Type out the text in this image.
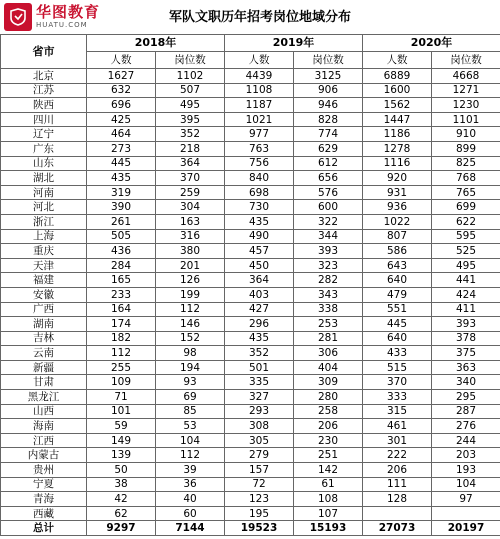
华图教育
HUATU.COM	军队文职历年招考岗位地域分布
省市	2018年		2019年		2020年	
	人数	岗位数	人数	岗位数	人数	岗位数
北京	1627	1102	4439	3125	6889	4668
江苏	632	507	1108	906	1600	1271
陕西	696	495	1187	946	1562	1230
四川	425	395	1021	828	1447	1101
辽宁	464	352	977	774	1186	910
广东	273	218	763	629	1278	899
山东	445	364	756	612	1116	825
湖北	435	370	840	656	920	768
河南	319	259	698	576	931	765
河北	390	304	730	600	936	699
浙江	261	163	435	322	1022	622
上海	505	316	490	344	807	595
重庆	436	380	457	393	586	525
天津	284	201	450	323	643	495
福建	165	126	364	282	640	441
安徽	233	199	403	343	479	424
广西	164	112	427	338	551	411
湖南	174	146	296	253	445	393
吉林	182	152	435	281	640	378
云南	112	98	352	306	433	375
新疆	255	194	501	404	515	363
甘肃	109	93	335	309	370	340
黑龙江	71	69	327	280	333	295
山西	101	85	293	258	315	287
海南	59	53	308	206	461	276
江西	149	104	305	230	301	244
内蒙古	139	112	279	251	222	203
贵州	50	39	157	142	206	193
宁夏	38	36	72	61	111	104
青海	42	40	123	108	128	97
西藏	62	60	195	107		
总计	9297	7144	19523	15193	27073	20197
